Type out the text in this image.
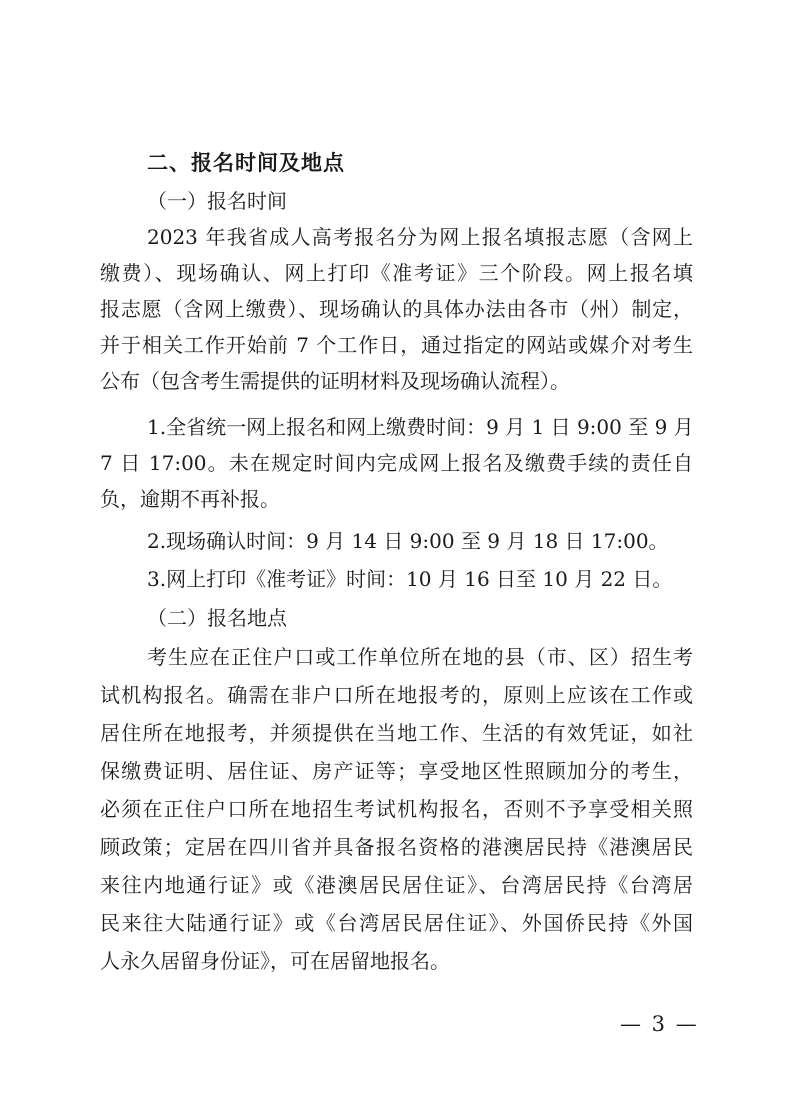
二、报名时间及地点
（一）报名时间
2023 年我省成人高考报名分为网上报名填报志愿（含网上
缴费）、现场确认、网上打印《准考证》三个阶段。网上报名填
报志愿（含网上缴费）、现场确认的具体办法由各市（州）制定，
并于相关工作开始前 7 个工作日，通过指定的网站或媒介对考生
公布（包含考生需提供的证明材料及现场确认流程）。
1.全省统一网上报名和网上缴费时间：9 月 1 日 9:00 至 9 月
7 日 17:00。未在规定时间内完成网上报名及缴费手续的责任自
负，逾期不再补报。
2.现场确认时间：9 月 14 日 9:00 至 9 月 18 日 17:00。
3.网上打印《准考证》时间：10 月 16 日至 10 月 22 日。
（二）报名地点
考生应在正住户口或工作单位所在地的县（市、区）招生考
试机构报名。确需在非户口所在地报考的，原则上应该在工作或
居住所在地报考，并须提供在当地工作、生活的有效凭证，如社
保缴费证明、居住证、房产证等；享受地区性照顾加分的考生，
必须在正住户口所在地招生考试机构报名，否则不予享受相关照
顾政策；定居在四川省并具备报名资格的港澳居民持《港澳居民
来往内地通行证》或《港澳居民居住证》、台湾居民持《台湾居
民来往大陆通行证》或《台湾居民居住证》、外国侨民持《外国
人永久居留身份证》，可在居留地报名。
— 3 —
